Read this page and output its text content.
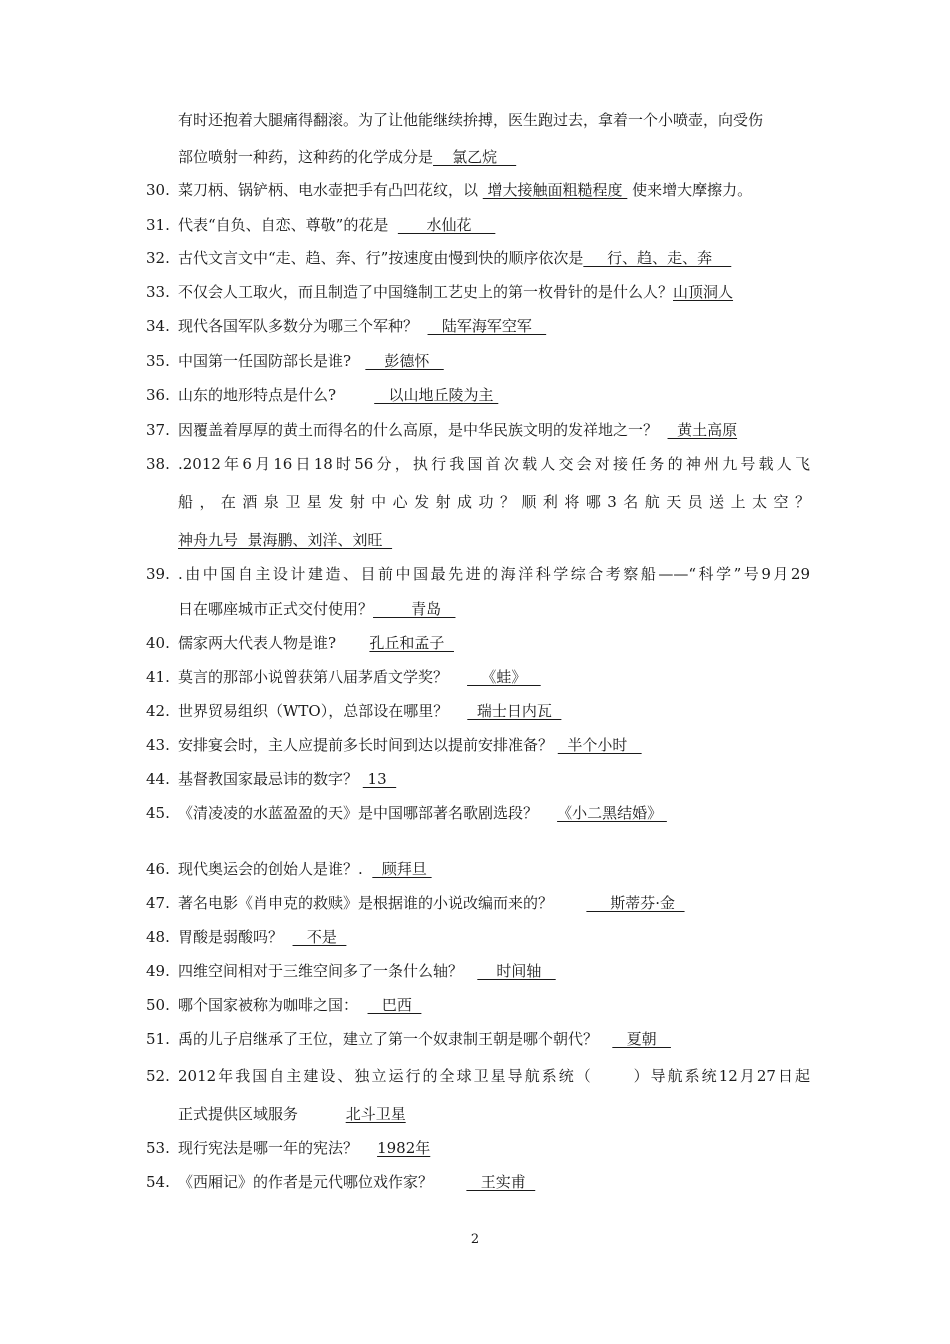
有时还抱着大腿痛得翻滚。为了让他能继续拚搏，医生跑过去，拿着一个小喷壶，向受伤
部位喷射一种药，这种药的化学成分是    氯乙烷
30. 菜刀柄、锅铲柄、电水壶把手有凸凹花纹，以  增大接触面粗糙程度  使来增大摩擦力。
31. 代表“自负、自恋、尊敬”的花是        水仙花
32. 古代文言文中“走、趋、奔、行”按速度由慢到快的顺序依次是     行、趋、走、奔
33. 不仅会人工取火，而且制造了中国缝制工艺史上的第一枚骨针的是什么人？山顶洞人
34. 现代各国军队多数分为哪三个军种？     陆军海军空军
35. 中国第一任国防部长是谁?       彭德怀
36. 山东的地形特点是什么?           以山地丘陵为主
37. 因覆盖着厚厚的黄土而得名的什么高原，是中华民族文明的发祥地之一？    黄土高原
38. .2012年6月16日18时56分，执行我国首次载人交会对接任务的神州九号载人飞
船，在酒泉卫星发射中心发射成功？顺利将哪3名航天员送上太空？
神舟九号  景海鹏、刘洋、刘旺
39. .由中国自主设计建造、目前中国最先进的海洋科学综合考察船——“科学”号9月29
日在哪座城市正式交付使用？        青岛
40. 儒家两大代表人物是谁?       孔丘和孟子
41. 莫言的那部小说曾获第八届茅盾文学奖？       《蛙》
42. 世界贸易组织（WTO），总部设在哪里？      瑞士日内瓦
43. 安排宴会时，主人应提前多长时间到达以提前安排准备？   半个小时
44. 基督教国家最忌讳的数字？  13
45. 《清凌凌的水蓝盈盈的天》是中国哪部著名歌剧选段？    《小二黑结婚》
46. 现代奥运会的创始人是谁？.    顾拜旦
47. 著名电影《肖申克的救赎》是根据谁的小说改编而来的？            斯蒂芬·金
48. 胃酸是弱酸吗？     不是
49. 四维空间相对于三维空间多了一条什么轴？       时间轴
50. 哪个国家被称为咖啡之国：     巴西
51. 禹的儿子启继承了王位，建立了第一个奴隶制王朝是哪个朝代？      夏朝
52. 2012年我国自主建设、独立运行的全球卫星导航系统（      ）导航系统12月27日起
正式提供区域服务          北斗卫星
53. 现行宪法是哪一年的宪法？    1982年
54. 《西厢记》的作者是元代哪位戏作家？          王实甫
2
